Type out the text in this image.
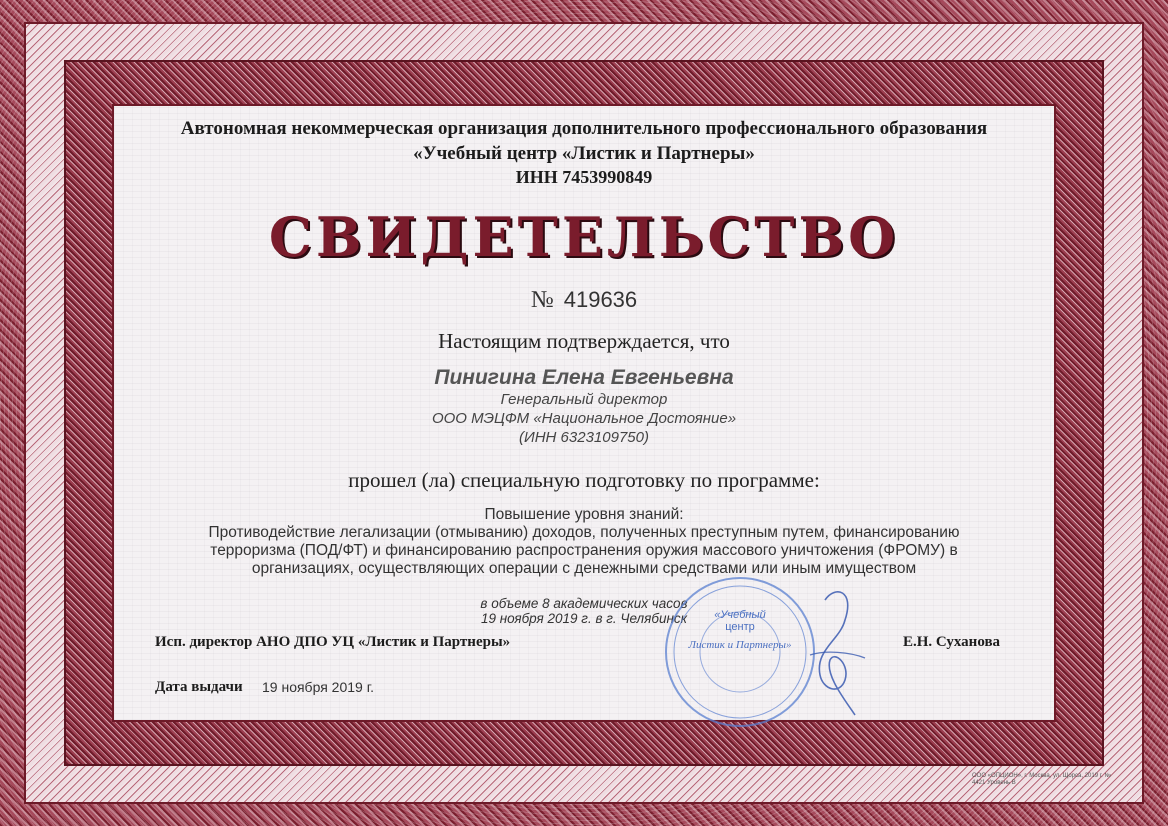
Автономная некоммерческая организация дополнительного профессионального образования
«Учебный центр «Листик и Партнеры»
ИНН 7453990849
СВИДЕТЕЛЬСТВО
№ 419636
Настоящим подтверждается, что
Пинигина Елена Евгеньевна
Генеральный директор
ООО МЭЦФМ «Национальное Достояние»
(ИНН 6323109750)
прошел (ла) специальную подготовку по программе:
Повышение уровня знаний:
Противодействие легализации (отмыванию) доходов, полученных преступным путем, финансированию
терроризма (ПОД/ФТ) и финансированию распространения оружия массового уничтожения (ФРОМУ) в
организациях, осуществляющих операции с денежными средствами или иным имуществом
в объеме 8 академических часов
19 ноября 2019 г. в г. Челябинск
Исп. директор АНО ДПО УЦ «Листик и Партнеры»	Е.Н. Суханова
Дата выдачи 19 ноября 2019 г.
«Учебный
центр
Листик и Партнеры»
ООО «ОПЦИОН», г. Москва, ул. Щорса, 2019 г. № 4421 Уровень B
